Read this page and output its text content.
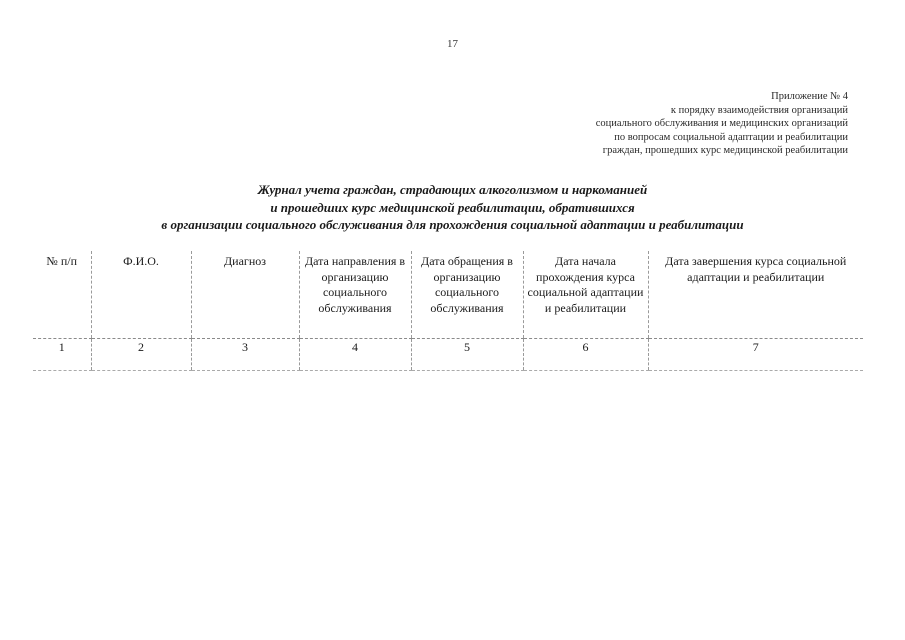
17
Приложение № 4
к порядку взаимодействия организаций
социального обслуживания и медицинских организаций
по вопросам социальной адаптации и реабилитации
граждан, прошедших курс медицинской реабилитации
Журнал учета граждан, страдающих алкоголизмом и наркоманией
и прошедших курс медицинской реабилитации, обратившихся
в организации социального обслуживания для прохождения социальной адаптации и реабилитации
№ п/п	Ф.И.О.	Диагноз	Дата направления в организацию социального обслуживания	Дата обращения в организацию социального обслуживания	Дата начала прохождения курса социальной адаптации и реабилитации	Дата завершения курса социальной адаптации и реабилитации
1	2	3	4	5	6	7
